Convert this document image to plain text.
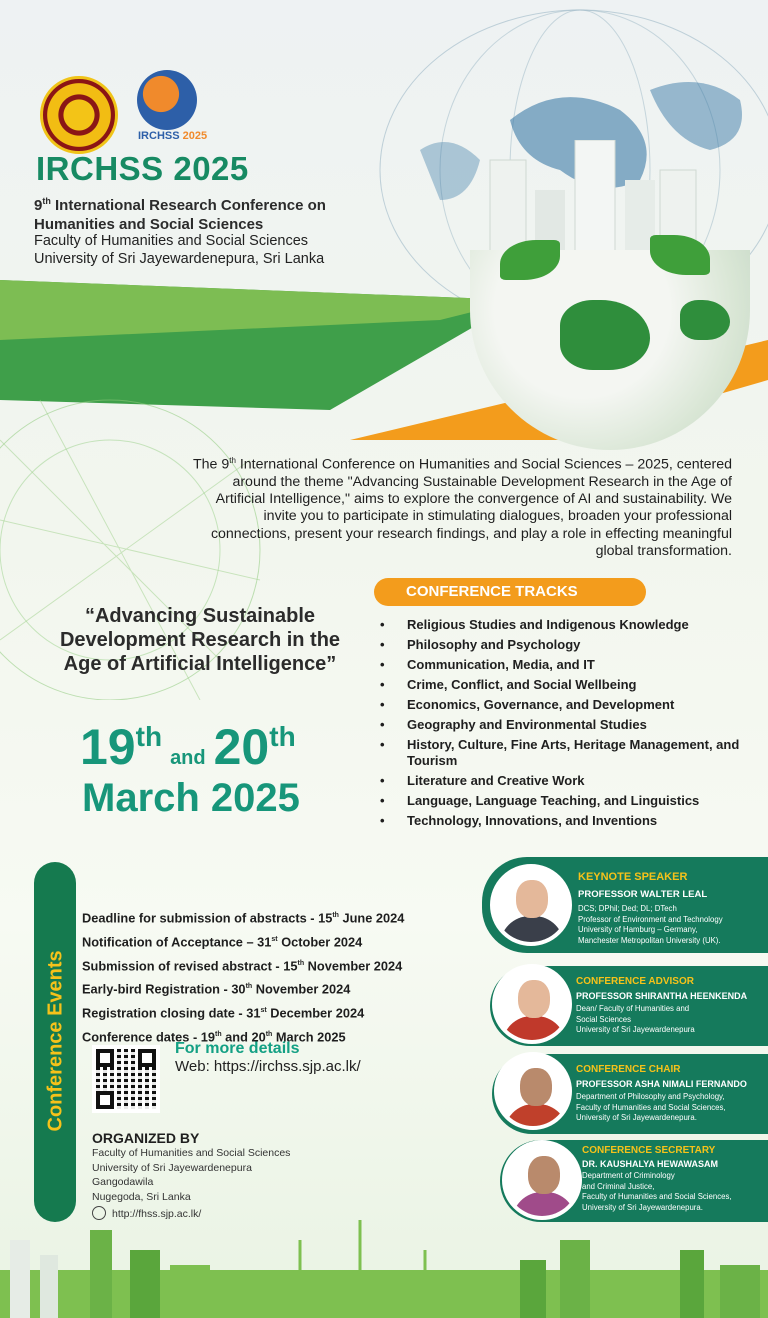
IRCHSS 2025
IRCHSS 2025
9th International Research Conference on Humanities and Social Sciences
Faculty of Humanities and Social Sciences
University of Sri Jayewardenepura, Sri Lanka
The 9th International Conference on Humanities and Social Sciences – 2025, centered around the theme "Advancing Sustainable Development Research in the Age of Artificial Intelligence," aims to explore the convergence of AI and sustainability. We invite you to participate in stimulating dialogues, broaden your professional connections, present your research findings, and play a role in effecting meaningful global transformation.
“Advancing Sustainable Development Research in the Age of Artificial Intelligence”
19thand 20th
March 2025
CONFERENCE TRACKS
• Religious Studies and Indigenous Knowledge
• Philosophy and Psychology
• Communication, Media, and IT
• Crime, Conflict, and Social Wellbeing
• Economics, Governance, and Development
• Geography and Environmental Studies
• History, Culture, Fine Arts, Heritage Management, and Tourism
• Literature and Creative Work
• Language, Language Teaching, and Linguistics
• Technology, Innovations, and Inventions
Conference Events
Deadline for submission of abstracts - 15th June 2024
Notification of Acceptance – 31st October 2024
Submission of revised abstract - 15th November 2024
Early-bird Registration - 30th November 2024
Registration closing date - 31st December 2024
Conference dates - 19th and 20th March 2025
For more details
Web: https://irchss.sjp.ac.lk/
ORGANIZED BY
Faculty of Humanities and Social Sciences
University of Sri Jayewardenepura
Gangodawila
Nugegoda, Sri Lanka
http://fhss.sjp.ac.lk/
KEYNOTE SPEAKER
PROFESSOR WALTER LEAL
DCS; DPhil; Ded; DL; DTech
Professor of Environment and Technology
University of Hamburg – Germany,
Manchester Metropolitan University (UK).
CONFERENCE ADVISOR
PROFESSOR SHIRANTHA HEENKENDA
Dean/ Faculty of Humanities and
Social Sciences
University of Sri Jayewardenepura
CONFERENCE CHAIR
PROFESSOR ASHA NIMALI FERNANDO
Department of Philosophy and Psychology,
Faculty of Humanities and Social Sciences,
University of Sri Jayewardenepura.
CONFERENCE SECRETARY
DR. KAUSHALYA HEWAWASAM
Department of Criminology
and Criminal Justice,
Faculty of Humanities and Social Sciences,
University of Sri Jayewardenepura.
